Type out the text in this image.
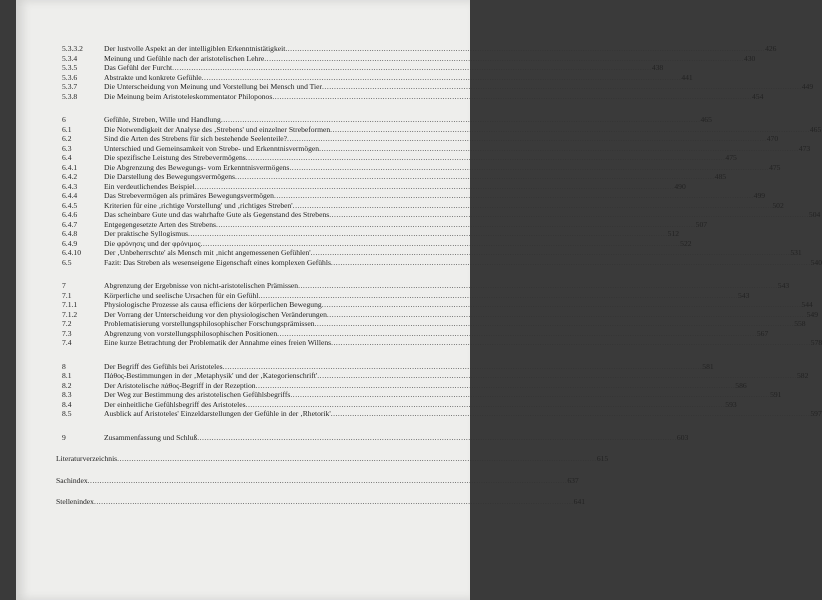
5.3.3.2	Der lustvolle Aspekt an der intelligiblen Erkenntnistätigkeit .....	426
5.3.4	Meinung und Gefühle nach der aristotelischen Lehre .....	430
5.3.5	Das Gefühl der Furcht .....	438
5.3.6	Abstrakte und konkrete Gefühle .....	441
5.3.7	Die Unterscheidung von Meinung und Vorstellung bei Mensch und Tier .....	449
5.3.8	Die Meinung beim Aristoteleskommentator Philoponos .....	454
6	Gefühle, Streben, Wille und Handlung .....	465
6.1	Die Notwendigkeit der Analyse des ‚Strebens' und einzelner Strebeformen .....	465
6.2	Sind die Arten des Strebens für sich bestehende Seelenteile? .....	470
6.3	Unterschied und Gemeinsamkeit von Strebe- und Erkenntnisvermögen .....	473
6.4	Die spezifische Leistung des Strebevermögens .....	475
6.4.1	Die Abgrenzung des Bewegungs- vom Erkenntnisvermögens .....	475
6.4.2	Die Darstellung des Bewegungsvermögens .....	485
6.4.3	Ein verdeutlichendes Beispiel .....	490
6.4.4	Das Strebevermögen als primäres Bewegungsvermögen .....	499
6.4.5	Kriterien für eine ‚richtige Vorstellung' und ‚richtiges Streben' .....	502
6.4.6	Das scheinbare Gute und das wahrhafte Gute als Gegenstand des Strebens .....	504
6.4.7	Entgegengesetzte Arten des Strebens .....	507
6.4.8	Der praktische Syllogismus .....	512
6.4.9	Die φρόνησις und der φρόνιμος .....	522
6.4.10	Der ‚Unbeherrschte' als Mensch mit ‚nicht angemessenen Gefühlen' .....	531
6.5	Fazit: Das Streben als wesenseigene Eigenschaft eines komplexen Gefühls .....	540
7	Abgrenzung der Ergebnisse von nicht-aristotelischen Prämissen .....	543
7.1	Körperliche und seelische Ursachen für ein Gefühl .....	543
7.1.1	Physiologische Prozesse als causa efficiens der körperlichen Bewegung .....	544
7.1.2	Der Vorrang der Unterscheidung vor den physiologischen Veränderungen .....	549
7.2	Problematisierung vorstellungsphilosophischer Forschungsprämissen .....	558
7.3	Abgrenzung von vorstellungsphilosophischen Positionen .....	567
7.4	Eine kurze Betrachtung der Problematik der Annahme eines freien Willens .....	578
8	Der Begriff des Gefühls bei Aristoteles .....	581
8.1	Πάθος-Bestimmungen in der ‚Metaphysik' und der ‚Kategorienschrift' .....	582
8.2	Der Aristotelische πάθος-Begriff in der Rezeption .....	586
8.3	Der Weg zur Bestimmung des aristotelischen Gefühlsbegriffs .....	591
8.4	Der einheitliche Gefühlsbegriff des Aristoteles .....	593
8.5	Ausblick auf Aristoteles' Einzeldarstellungen der Gefühle in der ‚Rhetorik' .....	597
9	Zusammenfassung und Schluß .....	603
Literaturverzeichnis .....	615
Sachindex .....	637
Stellenindex .....	641
